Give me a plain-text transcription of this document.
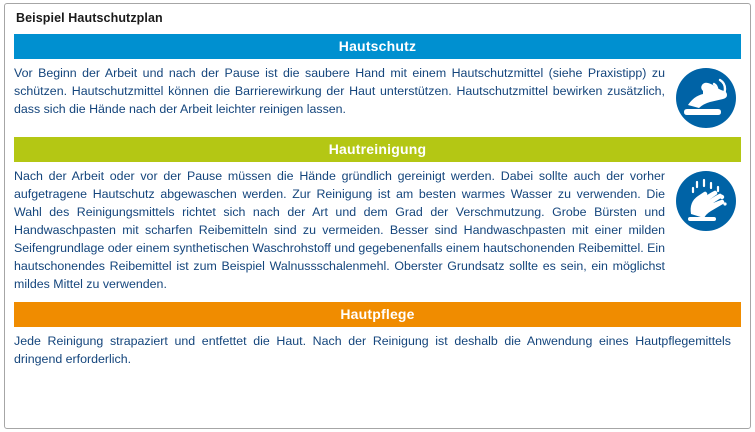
Beispiel Hautschutzplan
Hautschutz
Vor Beginn der Arbeit und nach der Pause ist die saubere Hand mit einem Hautschutzmittel (siehe Praxistipp) zu schützen. Hautschutzmittel können die Barrierewirkung der Haut unterstützen. Hautschutzmittel bewirken zusätzlich, dass sich die Hände nach der Arbeit leichter reinigen lassen.
Hautreinigung
Nach der Arbeit oder vor der Pause müssen die Hände gründlich gereinigt werden. Dabei sollte auch der vorher aufgetragene Hautschutz abgewaschen werden. Zur Reinigung ist am besten warmes Wasser zu verwenden. Die Wahl des Reinigungsmittels richtet sich nach der Art und dem Grad der Verschmutzung. Grobe Bürsten und Handwaschpasten mit scharfen Reibemitteln sind zu vermeiden. Besser sind Handwaschpasten mit einer milden Seifengrundlage oder einem synthetischen Waschrohstoff und gegebenenfalls einem hautschonenden Reibemittel. Ein hautschonendes Reibemittel ist zum Beispiel Walnussschalenmehl. Oberster Grundsatz sollte es sein, ein möglichst mildes Mittel zu verwenden.
Hautpflege
Jede Reinigung strapaziert und entfettet die Haut. Nach der Reinigung ist deshalb die Anwendung eines Hautpflegemittels dringend erforderlich.
